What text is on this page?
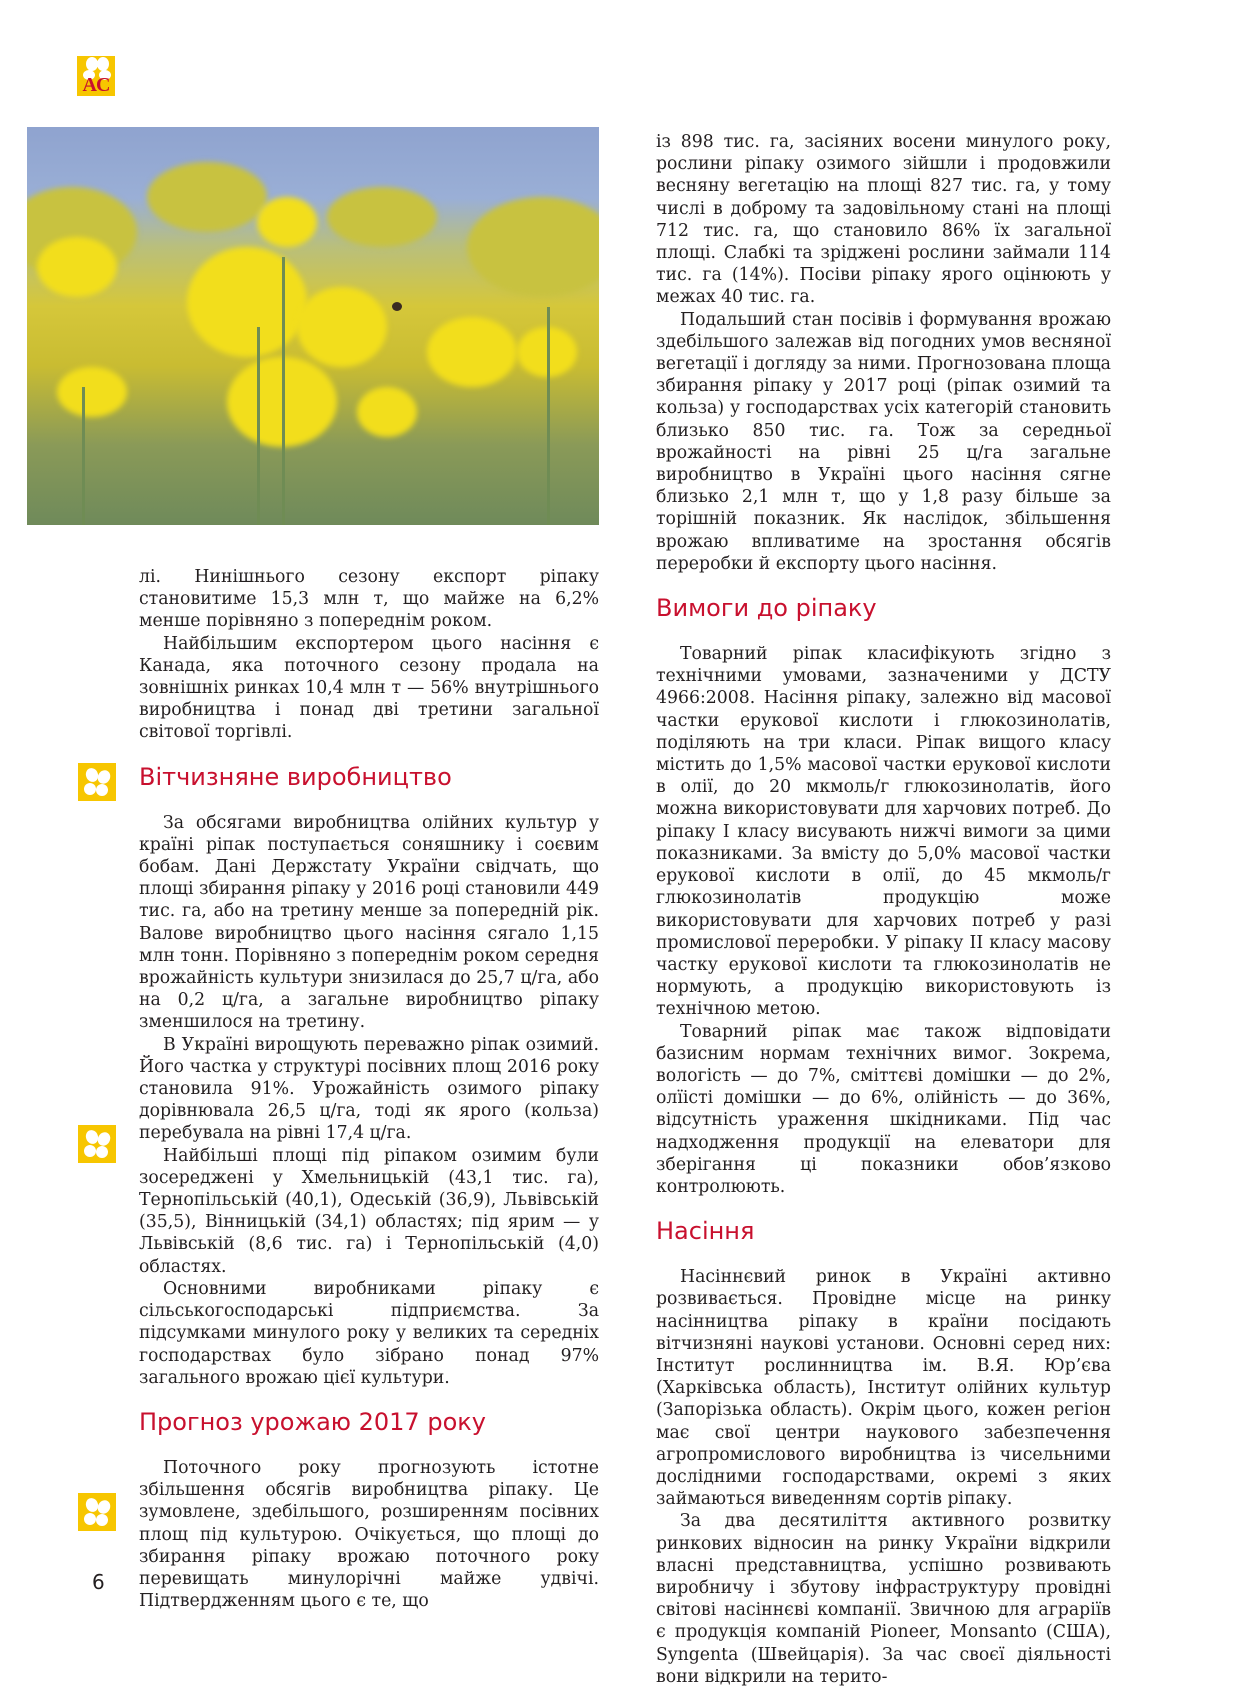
AC

лі. Нинішнього сезону експорт ріпаку становитиме 15,3 млн т, що майже на 6,2% менше порівняно з попереднім роком.

Найбільшим експортером цього насіння є Канада, яка поточного сезону продала на зовнішніх ринках 10,4 млн т — 56% внутрішнього виробництва і понад дві третини загальної світової торгівлі.

Вітчизняне виробництво

За обсягами виробництва олійних культур у країні ріпак поступається соняшнику і соєвим бобам. Дані Держстату України свідчать, що площі збирання ріпаку у 2016 році становили 449 тис. га, або на третину менше за попередній рік. Валове виробництво цього насіння сягало 1,15 млн тонн. Порівняно з попереднім роком середня врожайність культури знизилася до 25,7 ц/га, або на 0,2 ц/га, а загальне виробництво ріпаку зменшилося на третину.

В Україні вирощують переважно ріпак озимий. Його частка у структурі посівних площ 2016 року становила 91%. Урожайність озимого ріпаку дорівнювала 26,5 ц/га, тоді як ярого (кольза) перебувала на рівні 17,4 ц/га.

Найбільші площі під ріпаком озимим були зосереджені у Хмельницькій (43,1 тис. га), Тернопільській (40,1), Одеській (36,9), Львівській (35,5), Вінницькій (34,1) областях; під ярим — у Львівській (8,6 тис. га) і Тернопільській (4,0) областях.

Основними виробниками ріпаку є сільськогосподарські підприємства. За підсумками минулого року у великих та середніх господарствах було зібрано понад 97% загального врожаю цієї культури.

Прогноз урожаю 2017 року

Поточного року прогнозують істотне збільшення обсягів виробництва ріпаку. Це зумовлене, здебільшого, розширенням посівних площ під культурою. Очікується, що площі до збирання ріпаку врожаю поточного року перевищать минулорічні майже удвічі. Підтвердженням цього є те, що

із 898 тис. га, засіяних восени минулого року, рослини ріпаку озимого зійшли і продовжили весняну вегетацію на площі 827 тис. га, у тому числі в доброму та задовільному стані на площі 712 тис. га, що становило 86% їх загальної площі. Слабкі та зріджені рослини займали 114 тис. га (14%). Посіви ріпаку ярого оцінюють у межах 40 тис. га.

Подальший стан посівів і формування врожаю здебільшого залежав від погодних умов весняної вегетації і догляду за ними. Прогнозована площа збирання ріпаку у 2017 році (ріпак озимий та кольза) у господарствах усіх категорій становить близько 850 тис. га. Тож за середньої врожайності на рівні 25 ц/га загальне виробництво в Україні цього насіння сягне близько 2,1 млн т, що у 1,8 разу більше за торішній показник. Як наслідок, збільшення врожаю впливатиме на зростання обсягів переробки й експорту цього насіння.

Вимоги до ріпаку

Товарний ріпак класифікують згідно з технічними умовами, зазначеними у ДСТУ 4966:2008. Насіння ріпаку, залежно від масової частки ерукової кислоти і глюкозинолатів, поділяють на три класи. Ріпак вищого класу містить до 1,5% масової частки ерукової кислоти в олії, до 20 мкмоль/г глюкозинолатів, його можна використовувати для харчових потреб. До ріпаку І класу висувають нижчі вимоги за цими показниками. За вмісту до 5,0% масової частки ерукової кислоти в олії, до 45 мкмоль/г глюкозинолатів продукцію може використовувати для харчових потреб у разі промислової переробки. У ріпаку ІІ класу масову частку ерукової кислоти та глюкозинолатів не нормують, а продукцію використовують із технічною метою.

Товарний ріпак має також відповідати базисним нормам технічних вимог. Зокрема, вологість — до 7%, сміттєві домішки — до 2%, олїісті домішки — до 6%, олійність — до 36%, відсутність ураження шкідниками. Під час надходження продукції на елеватори для зберігання ці показники обов’язково контролюють.

Насіння

Насіннєвий ринок в Україні активно розвивається. Провідне місце на ринку насінництва ріпаку в країни посідають вітчизняні наукові установи. Основні серед них: Інститут рослинництва ім. В.Я. Юр’єва (Харківська область), Інститут олійних культур (Запорізька область). Окрім цього, кожен регіон має свої центри наукового забезпечення агропромислового виробництва із чисельними дослідними господарствами, окремі з яких займаються виведенням сортів ріпаку.

За два десятиліття активного розвитку ринкових відносин на ринку України відкрили власні представництва, успішно розвивають виробничу і збутову інфраструктуру провідні світові насіннєві компанії. Звичною для аграріїв є продукція компаній Pioneer, Monsanto (США), Syngenta (Швейцарія). За час своєї діяльності вони відкрили на терито-

6
